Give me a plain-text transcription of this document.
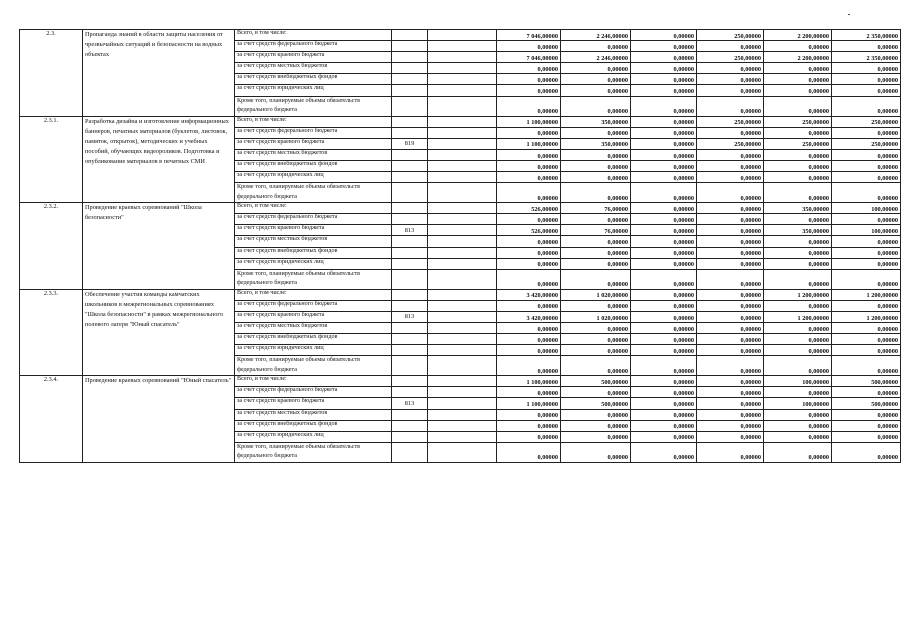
2.3.	Пропаганда знаний в области защиты населения от чрезвычайных ситуаций и безопасности на водных объектах	Всего, в том числе:			7 046,00000	2 246,00000	0,00000	250,00000	2 200,00000	2 350,00000
		за счет средств федерального бюджета			0,00000	0,00000	0,00000	0,00000	0,00000	0,00000
		за счет средств краевого бюджета			7 046,00000	2 246,00000	0,00000	250,00000	2 200,00000	2 350,00000
		за счет средств местных бюджетов			0,00000	0,00000	0,00000	0,00000	0,00000	0,00000
		за счет средств внебюджетных фондов			0,00000	0,00000	0,00000	0,00000	0,00000	0,00000
		за счет средств юридических лиц			0,00000	0,00000	0,00000	0,00000	0,00000	0,00000
		Кроме того, планируемые объемы обязательств федерального бюджета			0,00000	0,00000	0,00000	0,00000	0,00000	0,00000
2.3.1.	Разработка дизайна и изготовление информационных баннеров, печатных материалов (буклетов, листовок, памяток, открыток), методических и учебных пособий, обучающих видеороликов. Подготовка и опубликование материалов в печатных СМИ	Всего, в том числе:			1 100,00000	350,00000	0,00000	250,00000	250,00000	250,00000
		за счет средств федерального бюджета			0,00000	0,00000	0,00000	0,00000	0,00000	0,00000
		за счет средств краевого бюджета	819		1 100,00000	350,00000	0,00000	250,00000	250,00000	250,00000
		за счет средств местных бюджетов			0,00000	0,00000	0,00000	0,00000	0,00000	0,00000
		за счет средств внебюджетных фондов			0,00000	0,00000	0,00000	0,00000	0,00000	0,00000
		за счет средств юридических лиц			0,00000	0,00000	0,00000	0,00000	0,00000	0,00000
		Кроме того, планируемые объемы обязательств федерального бюджета			0,00000	0,00000	0,00000	0,00000	0,00000	0,00000
2.3.2.	Проведение краевых соревнований "Школа безопасности"	Всего, в том числе:			526,00000	76,00000	0,00000	0,00000	350,00000	100,00000
		за счет средств федерального бюджета			0,00000	0,00000	0,00000	0,00000	0,00000	0,00000
		за счет средств краевого бюджета	813		526,00000	76,00000	0,00000	0,00000	350,00000	100,00000
		за счет средств местных бюджетов			0,00000	0,00000	0,00000	0,00000	0,00000	0,00000
		за счет средств внебюджетных фондов			0,00000	0,00000	0,00000	0,00000	0,00000	0,00000
		за счет средств юридических лиц			0,00000	0,00000	0,00000	0,00000	0,00000	0,00000
		Кроме того, планируемые объемы обязательств федерального бюджета			0,00000	0,00000	0,00000	0,00000	0,00000	0,00000
2.3.3.	Обеспечение участия команды камчатских школьников в межрегиональных соревнованиях "Школа безопасности" в рамках межрегионального полевого лагеря "Юный спасатель"	Всего, в том числе:			3 420,00000	1 020,00000	0,00000	0,00000	1 200,00000	1 200,00000
		за счет средств федерального бюджета			0,00000	0,00000	0,00000	0,00000	0,00000	0,00000
		за счет средств краевого бюджета	813		3 420,00000	1 020,00000	0,00000	0,00000	1 200,00000	1 200,00000
		за счет средств местных бюджетов			0,00000	0,00000	0,00000	0,00000	0,00000	0,00000
		за счет средств внебюджетных фондов			0,00000	0,00000	0,00000	0,00000	0,00000	0,00000
		за счет средств юридических лиц			0,00000	0,00000	0,00000	0,00000	0,00000	0,00000
		Кроме того, планируемые объемы обязательств федерального бюджета			0,00000	0,00000	0,00000	0,00000	0,00000	0,00000
2.3.4.	Проведение краевых соревнований "Юный спасатель"	Всего, в том числе:			1 100,00000	500,00000	0,00000	0,00000	100,00000	500,00000
		за счет средств федерального бюджета			0,00000	0,00000	0,00000	0,00000	0,00000	0,00000
		за счет средств краевого бюджета	813		1 100,00000	500,00000	0,00000	0,00000	100,00000	500,00000
		за счет средств местных бюджетов			0,00000	0,00000	0,00000	0,00000	0,00000	0,00000
		за счет средств внебюджетных фондов			0,00000	0,00000	0,00000	0,00000	0,00000	0,00000
		за счет средств юридических лиц			0,00000	0,00000	0,00000	0,00000	0,00000	0,00000
		Кроме того, планируемые объемы обязательств федерального бюджета			0,00000	0,00000	0,00000	0,00000	0,00000	0,00000
